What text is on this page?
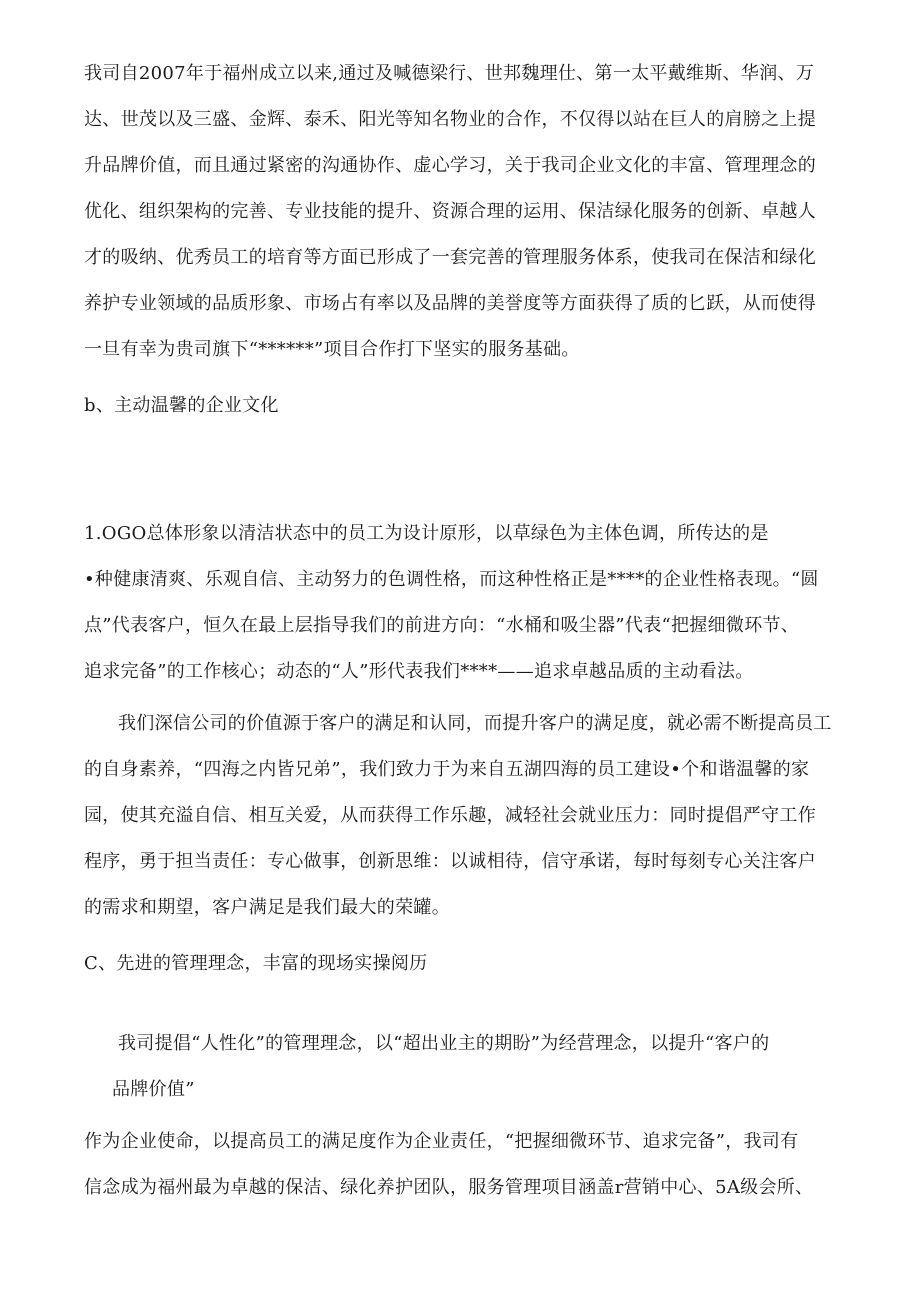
我司自2007年于福州成立以来,通过及喊德梁行、世邦魏理仕、第一太平戴维斯、华润、万
达、世茂以及三盛、金辉、泰禾、阳光等知名物业的合作，不仅得以站在巨人的肩膀之上提
升品牌价值，而且通过紧密的沟通协作、虚心学习，关于我司企业文化的丰富、管理理念的
优化、组织架构的完善、专业技能的提升、资源合理的运用、保洁绿化服务的创新、卓越人
才的吸纳、优秀员工的培育等方面已形成了一套完善的管理服务体系，使我司在保洁和绿化
养护专业领域的品质形象、市场占有率以及品牌的美誉度等方面获得了质的匕跃，从而使得
一旦有幸为贵司旗下“******”项目合作打下坚实的服务基础。
b、主动温馨的企业文化
1.OGO总体形象以清洁状态中的员工为设计原形，以草绿色为主体色调，所传达的是
•种健康清爽、乐观自信、主动努力的色调性格，而这种性格正是****的企业性格表现。“圆
点”代表客户，恒久在最上层指导我们的前进方向：“水桶和吸尘器”代表“把握细微环节、
追求完备”的工作核心；动态的“人”形代表我们****——追求卓越品质的主动看法。
我们深信公司的价值源于客户的满足和认同，而提升客户的满足度，就必需不断提高员工
的自身素养，“四海之内皆兄弟”，我们致力于为来自五湖四海的员工建设•个和谐温馨的家
园，使其充溢自信、相互关爱，从而获得工作乐趣，减轻社会就业压力：同时提倡严守工作
程序，勇于担当责任：专心做事，创新思维：以诚相待，信守承诺，每时每刻专心关注客户
的需求和期望，客户满足是我们最大的荣罐。
C、先进的管理理念，丰富的现场实操阅历
我司提倡“人性化”的管理理念，以“超出业主的期盼”为经营理念，以提升“客户的
品牌价值”
作为企业使命，以提高员工的满足度作为企业责任，“把握细微环节、追求完备”，我司有
信念成为福州最为卓越的保洁、绿化养护团队，服务管理项目涵盖r营销中心、5A级会所、
